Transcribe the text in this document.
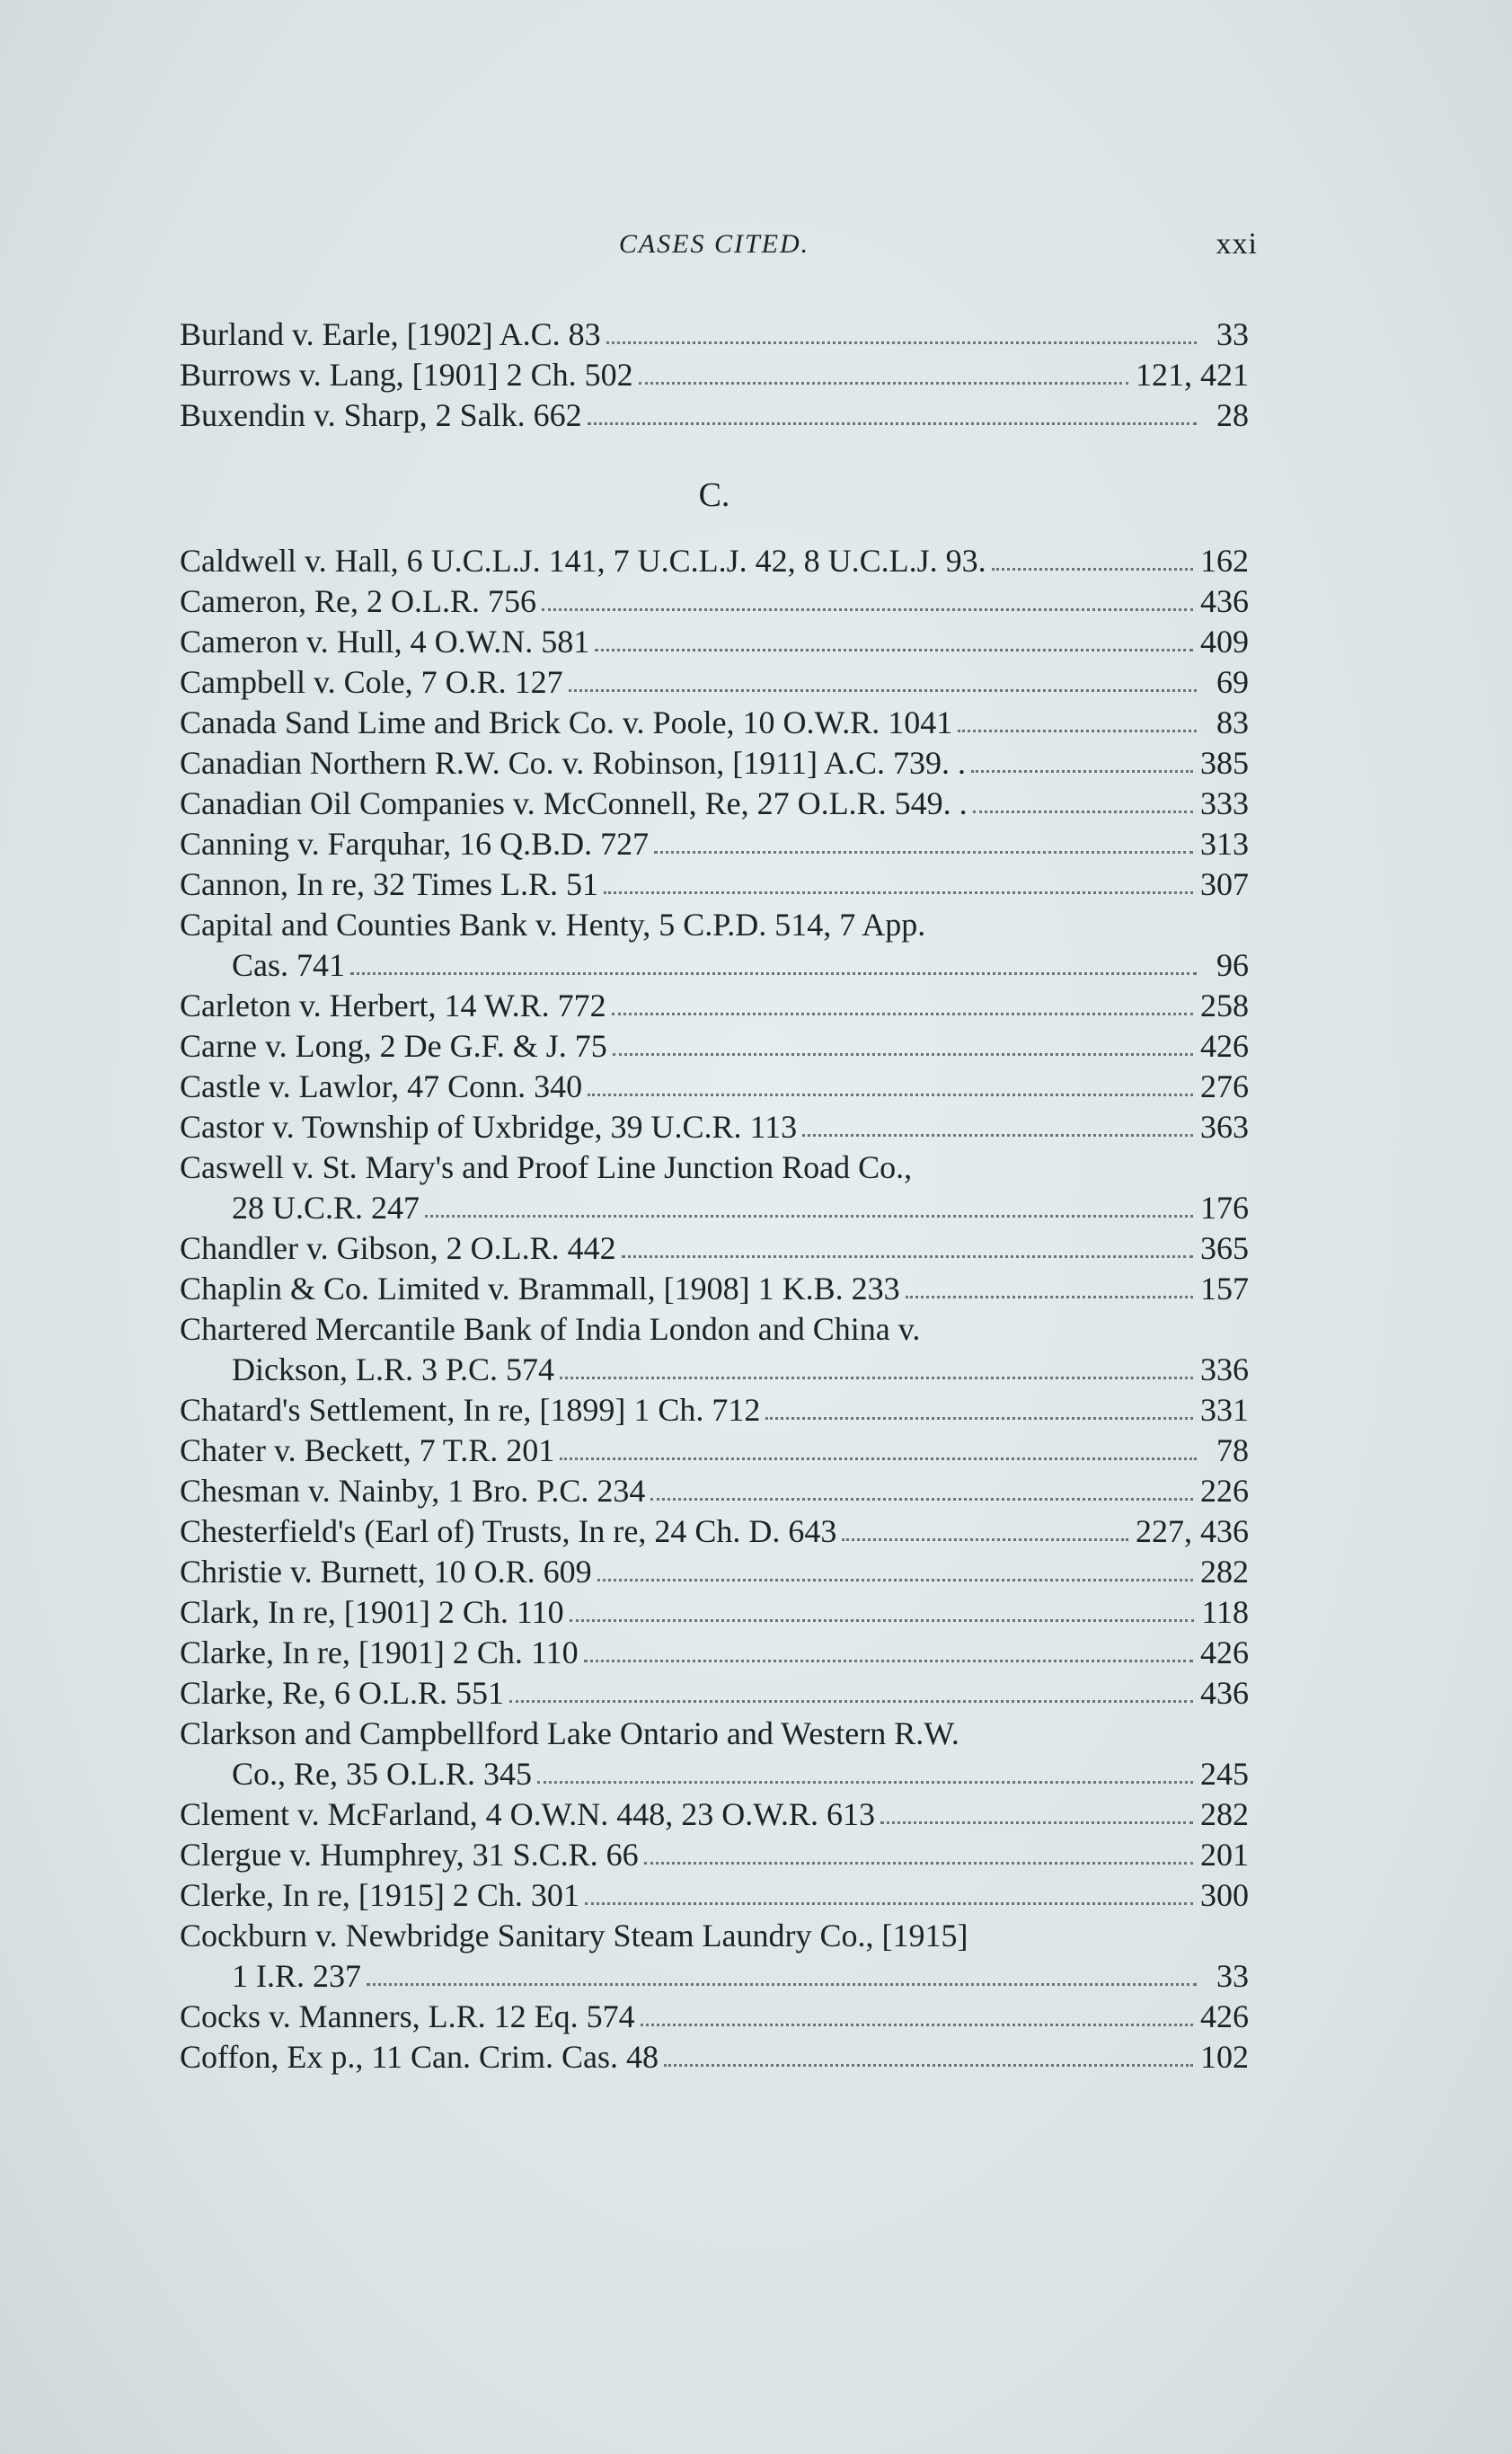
CASES CITED.	xxi
Burland v. Earle, [1902] A.C. 83	33
Burrows v. Lang, [1901] 2 Ch. 502	121, 421
Buxendin v. Sharp, 2 Salk. 662	28
C.
Caldwell v. Hall, 6 U.C.L.J. 141, 7 U.C.L.J. 42, 8 U.C.L.J. 93.	162
Cameron, Re, 2 O.L.R. 756	436
Cameron v. Hull, 4 O.W.N. 581	409
Campbell v. Cole, 7 O.R. 127	69
Canada Sand Lime and Brick Co. v. Poole, 10 O.W.R. 1041	83
Canadian Northern R.W. Co. v. Robinson, [1911] A.C. 739. .	385
Canadian Oil Companies v. McConnell, Re, 27 O.L.R. 549. .	333
Canning v. Farquhar, 16 Q.B.D. 727	313
Cannon, In re, 32 Times L.R. 51	307
Capital and Counties Bank v. Henty, 5 C.P.D. 514, 7 App.
Cas. 741	96
Carleton v. Herbert, 14 W.R. 772	258
Carne v. Long, 2 De G.F. & J. 75	426
Castle v. Lawlor, 47 Conn. 340	276
Castor v. Township of Uxbridge, 39 U.C.R. 113	363
Caswell v. St. Mary's and Proof Line Junction Road Co.,
28 U.C.R. 247	176
Chandler v. Gibson, 2 O.L.R. 442	365
Chaplin & Co. Limited v. Brammall, [1908] 1 K.B. 233	157
Chartered Mercantile Bank of India London and China v.
Dickson, L.R. 3 P.C. 574	336
Chatard's Settlement, In re, [1899] 1 Ch. 712	331
Chater v. Beckett, 7 T.R. 201	78
Chesman v. Nainby, 1 Bro. P.C. 234	226
Chesterfield's (Earl of) Trusts, In re, 24 Ch. D. 643	227, 436
Christie v. Burnett, 10 O.R. 609	282
Clark, In re, [1901] 2 Ch. 110	118
Clarke, In re, [1901] 2 Ch. 110	426
Clarke, Re, 6 O.L.R. 551	436
Clarkson and Campbellford Lake Ontario and Western R.W.
Co., Re, 35 O.L.R. 345	245
Clement v. McFarland, 4 O.W.N. 448, 23 O.W.R. 613	282
Clergue v. Humphrey, 31 S.C.R. 66	201
Clerke, In re, [1915] 2 Ch. 301	300
Cockburn v. Newbridge Sanitary Steam Laundry Co., [1915]
1 I.R. 237	33
Cocks v. Manners, L.R. 12 Eq. 574	426
Coffon, Ex p., 11 Can. Crim. Cas. 48	102
